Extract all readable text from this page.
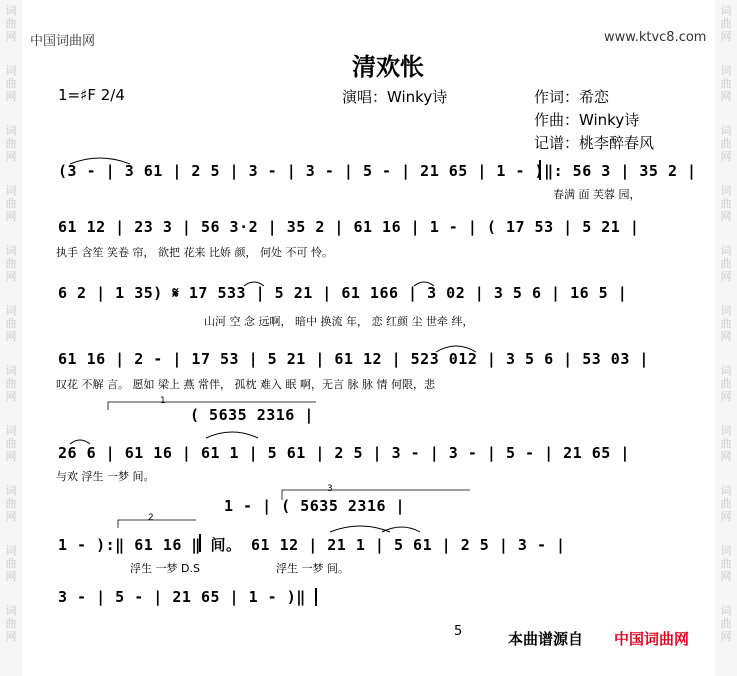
词
曲
网
词
曲
网
词
曲
网
词
曲
网
词
曲
网
词
曲
网
词
曲
网
词
曲
网
词
曲
网
词
曲
网
词
曲
网
词
曲
网
词
曲
网
词
曲
网
词
曲
网
词
曲
网
词
曲
网
词
曲
网
词
曲
网
词
曲
网
词
曲
网
词
曲
网
中国词曲网	www.ktvc8.com
清欢怅
1=♯F 2/4	演唱：Winky诗	作词：希恋
作曲：Winky诗
记谱：桃李醉春风
(3 - | 3 61 | 2 5 | 3 - | 3 - | 5 - | 21 65 | 1 - )‖: 56 3 | 35 2 |
春满 面 芙蓉 园，
61 12 | 23 3 | 56 3·2 | 35 2 | 61 16 | 1 - | ( 17 53 | 5 21 |
执手 含笙 笑卷 帘， 欲把 花来 比娇 颜， 何处 不可 怜。
6 2 | 1 35) 𝄋 17 533 | 5 21 | 61 166 | 3 02 | 3 5 6 | 16 5 |
山河 空 念 远啊， 暗中 换流 年， 恋 红颜 尘 世牵 绊，
61 16 | 2 - | 17 53 | 5 21 | 61 12 | 523 012 | 3 5 6 | 53 03 |
叹花 不解 言。 愿如 梁上 燕 常伴， 孤枕 难入 眠 啊，无言 脉 脉 情 何限，悲
1
( 5635 2316 |
26 6 | 61 16 | 61 1 | 5 61 | 2 5 | 3 - | 3 - | 5 - | 21 65 |
与欢 浮生 一梦 间。
3
1 - | ( 5635 2316 |
2
1 - ):‖ 61 16 ‖ 间。 61 12 | 21 1 | 5 61 | 2 5 | 3 - |
浮生 一梦 D.S	浮生 一梦 间。
3 - | 5 - | 21 65 | 1 - )‖
5	本曲谱源自 中国词曲网
